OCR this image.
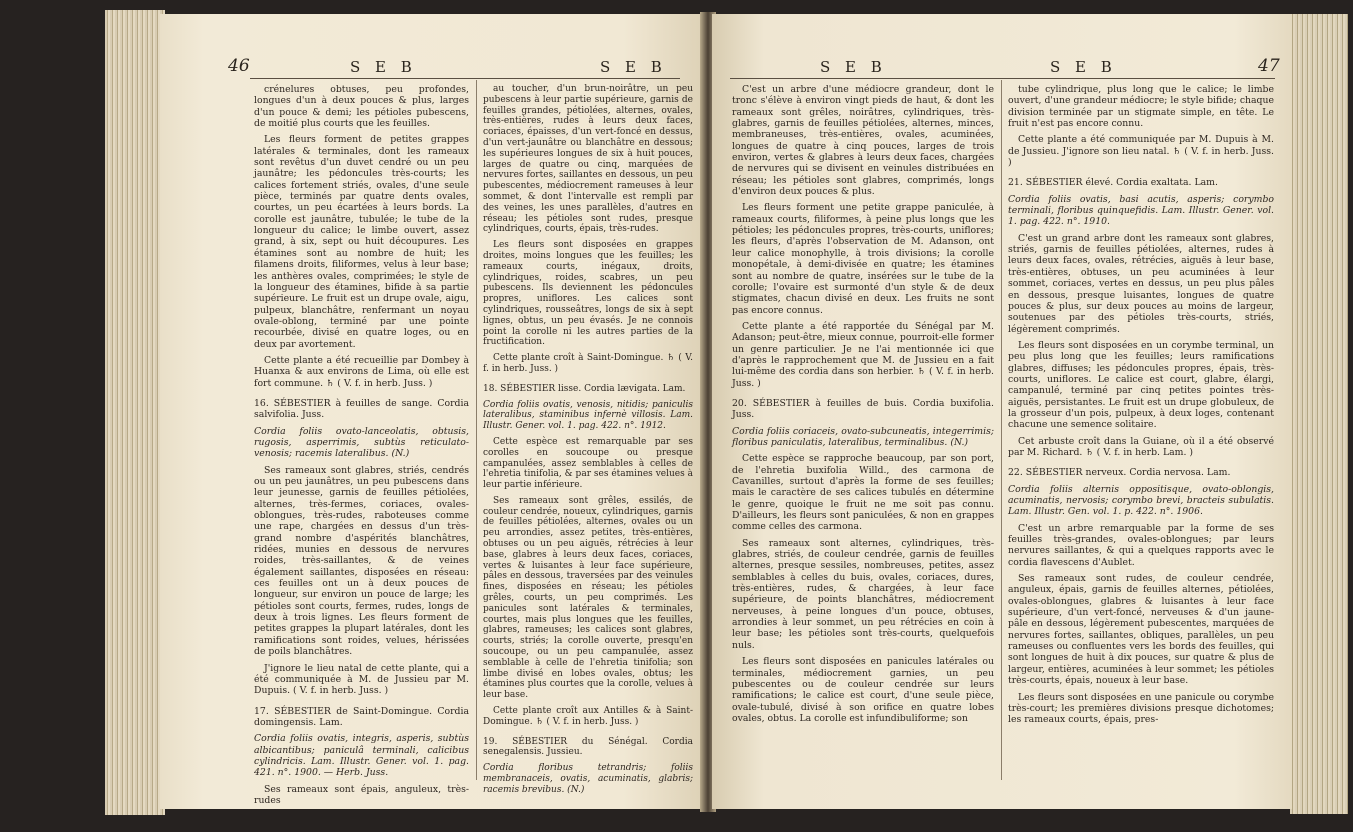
46	S E B	S E B

crénelures obtuses, peu profondes, longues d'un à deux pouces & plus, larges d'un pouce & demi; les pétioles pubescens, de moitié plus courts que les feuilles.

Les fleurs forment de petites grappes latérales & terminales, dont les rameaux sont revêtus d'un duvet cendré ou un peu jaunâtre; les pédoncules très-courts; les calices fortement striés, ovales, d'une seule pièce, terminés par quatre dents ovales, courtes, un peu écartées à leurs bords. La corolle est jaunâtre, tubulée; le tube de la longueur du calice; le limbe ouvert, assez grand, à six, sept ou huit découpures. Les étamines sont au nombre de huit; les filamens droits, filiformes, velus à leur base; les anthères ovales, comprimées; le style de la longueur des étamines, bifide à sa partie supérieure. Le fruit est un drupe ovale, aigu, pulpeux, blanchâtre, renfermant un noyau ovale-oblong, terminé par une pointe recourbée, divisé en quatre loges, ou en deux par avortement.

Cette plante a été recueillie par Dombey à Huanxa & aux environs de Lima, où elle est fort commune. ♄ ( V. f. in herb. Juss. )

16. SÉBESTIER à feuilles de sange. Cordia salvifolia. Juss.

Cordia foliis ovato-lanceolatis, obtusis, rugosis, asperrimis, subtùs reticulato-venosis; racemis lateralibus. (N.)

Ses rameaux sont glabres, striés, cendrés ou un peu jaunâtres, un peu pubescens dans leur jeunesse, garnis de feuilles pétiolées, alternes, très-fermes, coriaces, ovales-oblongues, très-rudes, raboteuses comme une rape, chargées en dessus d'un très-grand nombre d'aspérités blanchâtres, ridées, munies en dessous de nervures roides, très-saillantes, & de veines également saillantes, disposées en réseau: ces feuilles ont un à deux pouces de longueur, sur environ un pouce de large; les pétioles sont courts, fermes, rudes, longs de deux à trois lignes. Les fleurs forment de petites grappes la plupart latérales, dont les ramifications sont roides, velues, hérissées de poils blanchâtres.

J'ignore le lieu natal de cette plante, qui a été communiquée à M. de Jussieu par M. Dupuis. ( V. f. in herb. Juss. )

17. SÉBESTIER de Saint-Domingue. Cordia domingensis. Lam.

Cordia foliis ovatis, integris, asperis, subtùs albicantibus; paniculâ terminali, calicibus cylindricis. Lam. Illustr. Gener. vol. 1. pag. 421. n°. 1900. — Herb. Juss.

Ses rameaux sont épais, anguleux, très-rudes

au toucher, d'un brun-noirâtre, un peu pubescens à leur partie supérieure, garnis de feuilles grandes, pétiolées, alternes, ovales, très-entières, rudes à leurs deux faces, coriaces, épaisses, d'un vert-foncé en dessus, d'un vert-jaunâtre ou blanchâtre en dessous; les supérieures longues de six à huit pouces, larges de quatre ou cinq, marquées de nervures fortes, saillantes en dessous, un peu pubescentes, médiocrement rameuses à leur sommet, & dont l'intervalle est rempli par des veines, les unes parallèles, d'autres en réseau; les pétioles sont rudes, presque cylindriques, courts, épais, très-rudes.

Les fleurs sont disposées en grappes droites, moins longues que les feuilles; les rameaux courts, inégaux, droits, cylindriques, roides, scabres, un peu pubescens. Ils deviennent les pédoncules propres, uniflores. Les calices sont cylindriques, rousseâtres, longs de six à sept lignes, obtus, un peu évasés. Je ne connois point la corolle ni les autres parties de la fructification.

Cette plante croît à Saint-Domingue. ♄ ( V. f. in herb. Juss. )

18. SÉBESTIER lisse. Cordia lævigata. Lam.

Cordia foliis ovatis, venosis, nitidis; paniculis lateralibus, staminibus infernè villosis. Lam. Illustr. Gener. vol. 1. pag. 422. n°. 1912.

Cette espèce est remarquable par ses corolles en soucoupe ou presque campanulées, assez semblables à celles de l'ehretia tinifolia, & par ses étamines velues à leur partie inférieure.

Ses rameaux sont grêles, essilés, de couleur cendrée, noueux, cylindriques, garnis de feuilles pétiolées, alternes, ovales ou un peu arrondies, assez petites, très-entières, obtuses ou un peu aiguës, rétrécies à leur base, glabres à leurs deux faces, coriaces, vertes & luisantes à leur face supérieure, pâles en dessous, traversées par des veinules fines, disposées en réseau; les pétioles grêles, courts, un peu comprimés. Les panicules sont latérales & terminales, courtes, mais plus longues que les feuilles, glabres, rameuses; les calices sont glabres, courts, striés; la corolle ouverte, presqu'en soucoupe, ou un peu campanulée, assez semblable à celle de l'ehretia tinifolia; son limbe divisé en lobes ovales, obtus; les étamines plus courtes que la corolle, velues à leur base.

Cette plante croît aux Antilles & à Saint-Domingue. ♄ ( V. f. in herb. Juss. )

19. SÉBESTIER du Sénégal. Cordia senegalensis. Jussieu.

Cordia floribus tetrandris; foliis membranaceis, ovatis, acuminatis, glabris; racemis brevibus. (N.)

S E B	S E B	47

C'est un arbre d'une médiocre grandeur, dont le tronc s'élève à environ vingt pieds de haut, & dont les rameaux sont grêles, noirâtres, cylindriques, très-glabres, garnis de feuilles pétiolées, alternes, minces, membraneuses, très-entières, ovales, acuminées, longues de quatre à cinq pouces, larges de trois environ, vertes & glabres à leurs deux faces, chargées de nervures qui se divisent en veinules distribuées en réseau; les pétioles sont glabres, comprimés, longs d'environ deux pouces & plus.

Les fleurs forment une petite grappe paniculée, à rameaux courts, filiformes, à peine plus longs que les pétioles; les pédoncules propres, très-courts, uniflores; les fleurs, d'après l'observation de M. Adanson, ont leur calice monophylle, à trois divisions; la corolle monopétale, à demi-divisée en quatre; les étamines sont au nombre de quatre, insérées sur le tube de la corolle; l'ovaire est surmonté d'un style & de deux stigmates, chacun divisé en deux. Les fruits ne sont pas encore connus.

Cette plante a été rapportée du Sénégal par M. Adanson; peut-être, mieux connue, pourroit-elle former un genre particulier. Je ne l'ai mentionnée ici que d'après le rapprochement que M. de Jussieu en a fait lui-même des cordia dans son herbier. ♄ ( V. f. in herb. Juss. )

20. SÉBESTIER à feuilles de buis. Cordia buxifolia. Juss.

Cordia foliis coriaceis, ovato-subcuneatis, integerrimis; floribus paniculatis, lateralibus, terminalibus. (N.)

Cette espèce se rapproche beaucoup, par son port, de l'ehretia buxifolia Willd., des carmona de Cavanilles, surtout d'après la forme de ses feuilles; mais le caractère de ses calices tubulés en détermine le genre, quoique le fruit ne me soit pas connu. D'ailleurs, les fleurs sont paniculées, & non en grappes comme celles des carmona.

Ses rameaux sont alternes, cylindriques, très-glabres, striés, de couleur cendrée, garnis de feuilles alternes, presque sessiles, nombreuses, petites, assez semblables à celles du buis, ovales, coriaces, dures, très-entières, rudes, & chargées, à leur face supérieure, de points blanchâtres, médiocrement nerveuses, à peine longues d'un pouce, obtuses, arrondies à leur sommet, un peu rétrécies en coin à leur base; les pétioles sont très-courts, quelquefois nuls.

Les fleurs sont disposées en panicules latérales ou terminales, médiocrement garnies, un peu pubescentes ou de couleur cendrée sur leurs ramifications; le calice est court, d'une seule pièce, ovale-tubulé, divisé à son orifice en quatre lobes ovales, obtus. La corolle est infundibuliforme; son

tube cylindrique, plus long que le calice; le limbe ouvert, d'une grandeur médiocre; le style bifide; chaque division terminée par un stigmate simple, en tête. Le fruit n'est pas encore connu.

Cette plante a été communiquée par M. Dupuis à M. de Jussieu. J'ignore son lieu natal. ♄ ( V. f. in herb. Juss. )

21. SÉBESTIER élevé. Cordia exaltata. Lam.

Cordia foliis ovatis, basi acutis, asperis; corymbo terminali, floribus quinquefidis. Lam. Illustr. Gener. vol. 1. pag. 422. n°. 1910.

C'est un grand arbre dont les rameaux sont glabres, striés, garnis de feuilles pétiolées, alternes, rudes à leurs deux faces, ovales, rétrécies, aiguës à leur base, très-entières, obtuses, un peu acuminées à leur sommet, coriaces, vertes en dessus, un peu plus pâles en dessous, presque luisantes, longues de quatre pouces & plus, sur deux pouces au moins de largeur, soutenues par des pétioles très-courts, striés, légèrement comprimés.

Les fleurs sont disposées en un corymbe terminal, un peu plus long que les feuilles; leurs ramifications glabres, diffuses; les pédoncules propres, épais, très-courts, uniflores. Le calice est court, glabre, élargi, campanulé, terminé par cinq petites pointes très-aiguës, persistantes. Le fruit est un drupe globuleux, de la grosseur d'un pois, pulpeux, à deux loges, contenant chacune une semence solitaire.

Cet arbuste croît dans la Guiane, où il a été observé par M. Richard. ♄ ( V. f. in herb. Lam. )

22. SÉBESTIER nerveux. Cordia nervosa. Lam.

Cordia foliis alternis oppositisque, ovato-oblongis, acuminatis, nervosis; corymbo brevi, bracteis subulatis. Lam. Illustr. Gen. vol. 1. p. 422. n°. 1906.

C'est un arbre remarquable par la forme de ses feuilles très-grandes, ovales-oblongues; par leurs nervures saillantes, & qui a quelques rapports avec le cordia flavescens d'Aublet.

Ses rameaux sont rudes, de couleur cendrée, anguleux, épais, garnis de feuilles alternes, pétiolées, ovales-oblongues, glabres & luisantes à leur face supérieure, d'un vert-foncé, nerveuses & d'un jaune-pâle en dessous, légèrement pubescentes, marquées de nervures fortes, saillantes, obliques, parallèles, un peu rameuses ou confluentes vers les bords des feuilles, qui sont longues de huit à dix pouces, sur quatre & plus de largeur, entières, acuminées à leur sommet; les pétioles très-courts, épais, noueux à leur base.

Les fleurs sont disposées en une panicule ou corymbe très-court; les premières divisions presque dichotomes; les rameaux courts, épais, pres-
